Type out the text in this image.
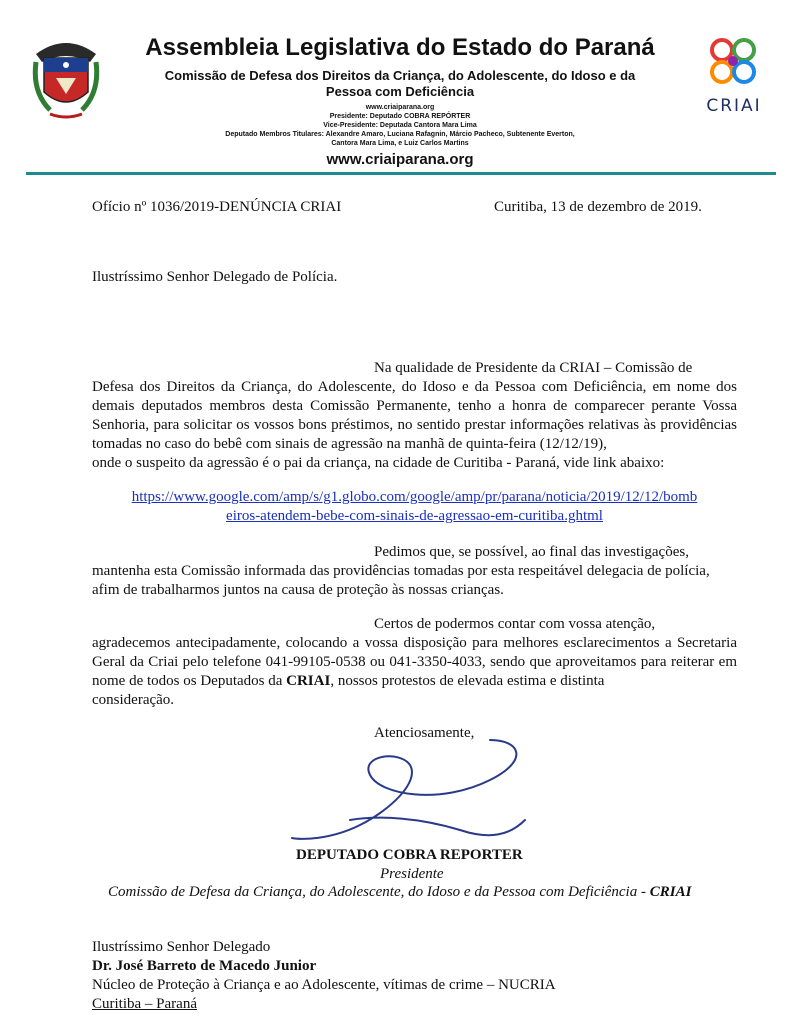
Assembleia Legislativa do Estado do Paraná
Comissão de Defesa dos Direitos da Criança, do Adolescente, do Idoso e da
Pessoa com Deficiência
www.criaiparana.org
Presidente: Deputado COBRA REPÓRTER
Vice-Presidente: Deputada Cantora Mara Lima
Deputado Membros Titulares: Alexandre Amaro, Luciana Rafagnin, Márcio Pacheco, Subtenente Everton,
Cantora Mara Lima, e Luiz Carlos Martins
www.criaiparana.org
CRIAI
Ofício nº 1036/2019-DENÚNCIA CRIAI	Curitiba, 13 de dezembro de 2019.
Ilustríssimo Senhor Delegado de Polícia.
Na qualidade de Presidente da CRIAI – Comissão de
Defesa dos Direitos da Criança, do Adolescente, do Idoso e da Pessoa com Deficiência, em nome dos demais deputados membros desta Comissão Permanente, tenho a honra de comparecer perante Vossa Senhoria, para solicitar os vossos bons préstimos, no sentido prestar informações relativas às providências tomadas no caso do bebê com sinais de agressão na manhã de quinta-feira (12/12/19),
onde o suspeito da agressão é o pai da criança, na cidade de Curitiba - Paraná, vide link abaixo:
https://www.google.com/amp/s/g1.globo.com/google/amp/pr/parana/noticia/2019/12/12/bomb
eiros-atendem-bebe-com-sinais-de-agressao-em-curitiba.ghtml
Pedimos que, se possível, ao final das investigações,
mantenha esta Comissão informada das providências tomadas por esta respeitável delegacia de polícia,
afim de trabalharmos juntos na causa de proteção às nossas crianças.
Certos de podermos contar com vossa atenção,
agradecemos antecipadamente, colocando a vossa disposição para melhores esclarecimentos a Secretaria Geral da Criai pelo telefone 041-99105-0538 ou 041-3350-4033, sendo que aproveitamos para reiterar em nome de todos os Deputados da CRIAI, nossos protestos de elevada estima e distinta
consideração.
Atenciosamente,
DEPUTADO COBRA REPORTER
Presidente
Comissão de Defesa da Criança, do Adolescente, do Idoso e da Pessoa com Deficiência - CRIAI
Ilustríssimo Senhor Delegado
Dr. José Barreto de Macedo Junior
Núcleo de Proteção à Criança e ao Adolescente, vítimas de crime – NUCRIA
Curitiba – Paraná
